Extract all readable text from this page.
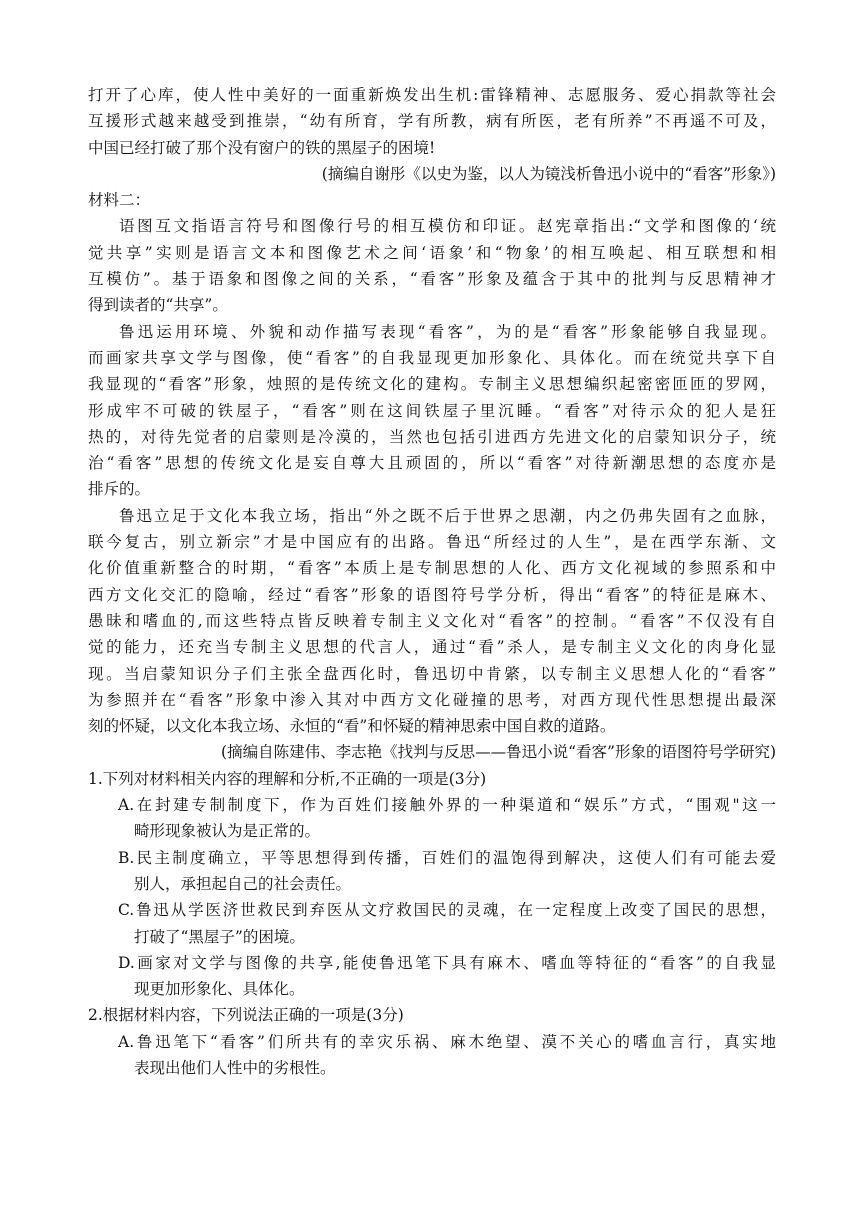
打开了心库，使人性中美好的一面重新焕发出生机:雷锋精神、志愿服务、爱心捐款等社会
互援形式越来越受到推崇，“幼有所育，学有所教，病有所医，老有所养”不再遥不可及，
中国已经打破了那个没有窗户的铁的黑屋子的困境!
(摘编自谢彤《以史为鉴，以人为镜浅析鲁迅小说中的“看客”形象》)
材料二：
语图互文指语言符号和图像行号的相互模仿和印证。赵宪章指出:“文学和图像的‘统
觉共享”实则是语言文本和图像艺术之间‘语象’和“物象’的相互唤起、相互联想和相
互模仿”。基于语象和图像之间的关系，“看客”形象及蕴含于其中的批判与反思精神才
得到读者的“共享”。
鲁迅运用环境、外貌和动作描写表现“看客”，为的是“看客”形象能够自我显现。
而画家共享文学与图像，使“看客”的自我显现更加形象化、具体化。而在统觉共享下自
我显现的“看客”形象，烛照的是传统文化的建构。专制主义思想编织起密密匝匝的罗网，
形成牢不可破的铁屋子，“看客”则在这间铁屋子里沉睡。“看客”对待示众的犯人是狂
热的，对待先觉者的启蒙则是冷漠的，当然也包括引进西方先进文化的启蒙知识分子，统
治“看客”思想的传统文化是妄自尊大且顽固的，所以“看客”对待新潮思想的态度亦是
排斥的。
鲁迅立足于文化本我立场，指出“外之既不后于世界之思潮，内之仍弗失固有之血脉，
联今复古，别立新宗”才是中国应有的出路。鲁迅“所经过的人生”，是在西学东渐、文
化价值重新整合的时期，“看客”本质上是专制思想的人化、西方文化视域的参照系和中
西方文化交汇的隐喻，经过“看客”形象的语图符号学分析，得出“看客”的特征是麻木、
愚昧和嗜血的,而这些特点皆反映着专制主义文化对“看客”的控制。“看客”不仅没有自
觉的能力，还充当专制主义思想的代言人，通过“看”杀人，是专制主义文化的肉身化显
现。当启蒙知识分子们主张全盘西化时，鲁迅切中肯綮，以专制主义思想人化的“看客”
为参照并在“看客”形象中渗入其对中西方文化碰撞的思考，对西方现代性思想提出最深
刻的怀疑，以文化本我立场、永恒的“看”和怀疑的精神思索中国自救的道路。
(摘编自陈建伟、李志艳《找判与反思——鲁迅小说“看客”形象的语图符号学研究)
1.下列对材料相关内容的理解和分析,不正确的一项是(3分)
A.在封建专制制度下，作为百姓们接触外界的一种渠道和“娱乐”方式，“围观"这一
畸形现象被认为是正常的。
B.民主制度确立，平等思想得到传播，百姓们的温饱得到解决，这使人们有可能去爱
别人，承担起自己的社会责任。
C.鲁迅从学医济世救民到弃医从文疗救国民的灵魂，在一定程度上改变了国民的思想，
打破了“黑屋子”的困境。
D.画家对文学与图像的共享,能使鲁迅笔下具有麻木、嗜血等特征的“看客”的自我显
现更加形象化、具体化。
2.根据材料内容，下列说法正确的一项是(3分)
A.鲁迅笔下“看客”们所共有的幸灾乐祸、麻木绝望、漠不关心的嗜血言行，真实地
表现出他们人性中的劣根性。
